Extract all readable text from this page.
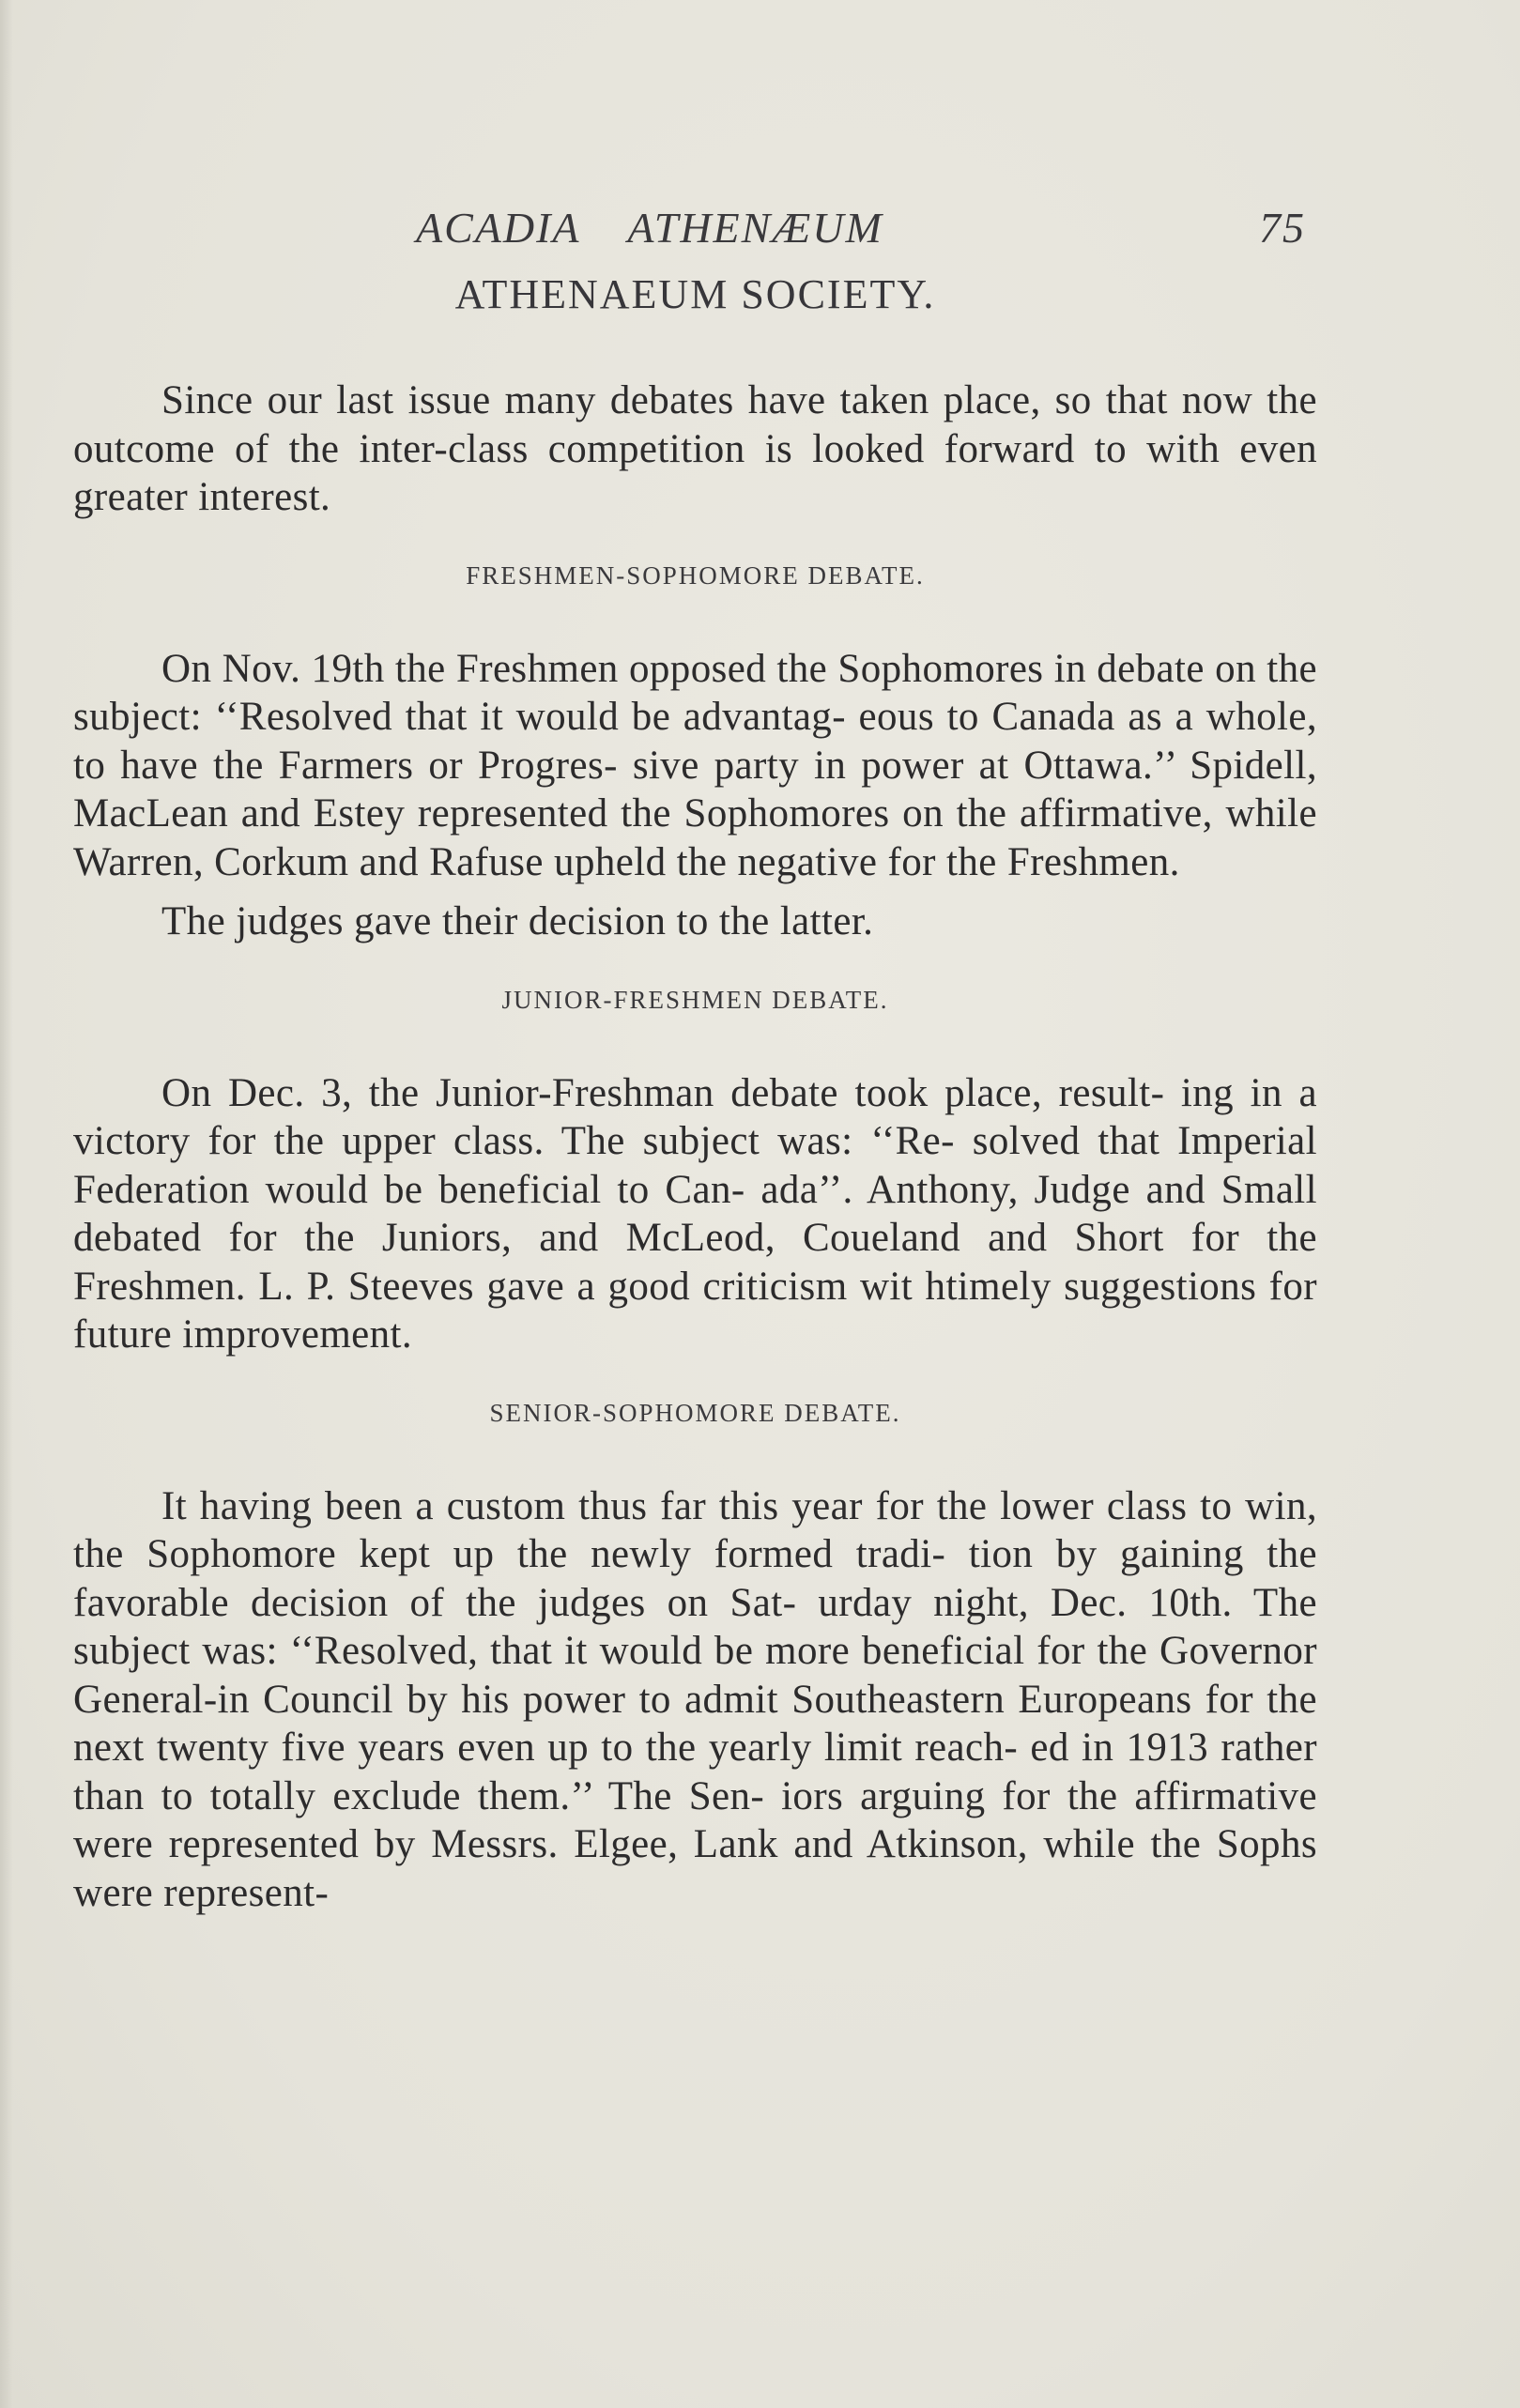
ACADIA ATHENÆUM	75
ATHENAEUM SOCIETY.

Since our last issue many debates have taken place, so that now the outcome of the inter-class competition is looked forward to with even greater interest.

FRESHMEN-SOPHOMORE DEBATE.

On Nov. 19th the Freshmen opposed the Sophomores in debate on the subject: ‘‘Resolved that it would be advantag- eous to Canada as a whole, to have the Farmers or Progres- sive party in power at Ottawa.’’ Spidell, MacLean and Estey represented the Sophomores on the affirmative, while Warren, Corkum and Rafuse upheld the negative for the Freshmen.

The judges gave their decision to the latter.

JUNIOR-FRESHMEN DEBATE.

On Dec. 3, the Junior-Freshman debate took place, result- ing in a victory for the upper class. The subject was: ‘‘Re- solved that Imperial Federation would be beneficial to Can- ada’’. Anthony, Judge and Small debated for the Juniors, and McLeod, Coueland and Short for the Freshmen. L. P. Steeves gave a good criticism wit htimely suggestions for future improvement.

SENIOR-SOPHOMORE DEBATE.

It having been a custom thus far this year for the lower class to win, the Sophomore kept up the newly formed tradi- tion by gaining the favorable decision of the judges on Sat- urday night, Dec. 10th. The subject was: ‘‘Resolved, that it would be more beneficial for the Governor General-in Council by his power to admit Southeastern Europeans for the next twenty five years even up to the yearly limit reach- ed in 1913 rather than to totally exclude them.’’ The Sen- iors arguing for the affirmative were represented by Messrs. Elgee, Lank and Atkinson, while the Sophs were represent-
